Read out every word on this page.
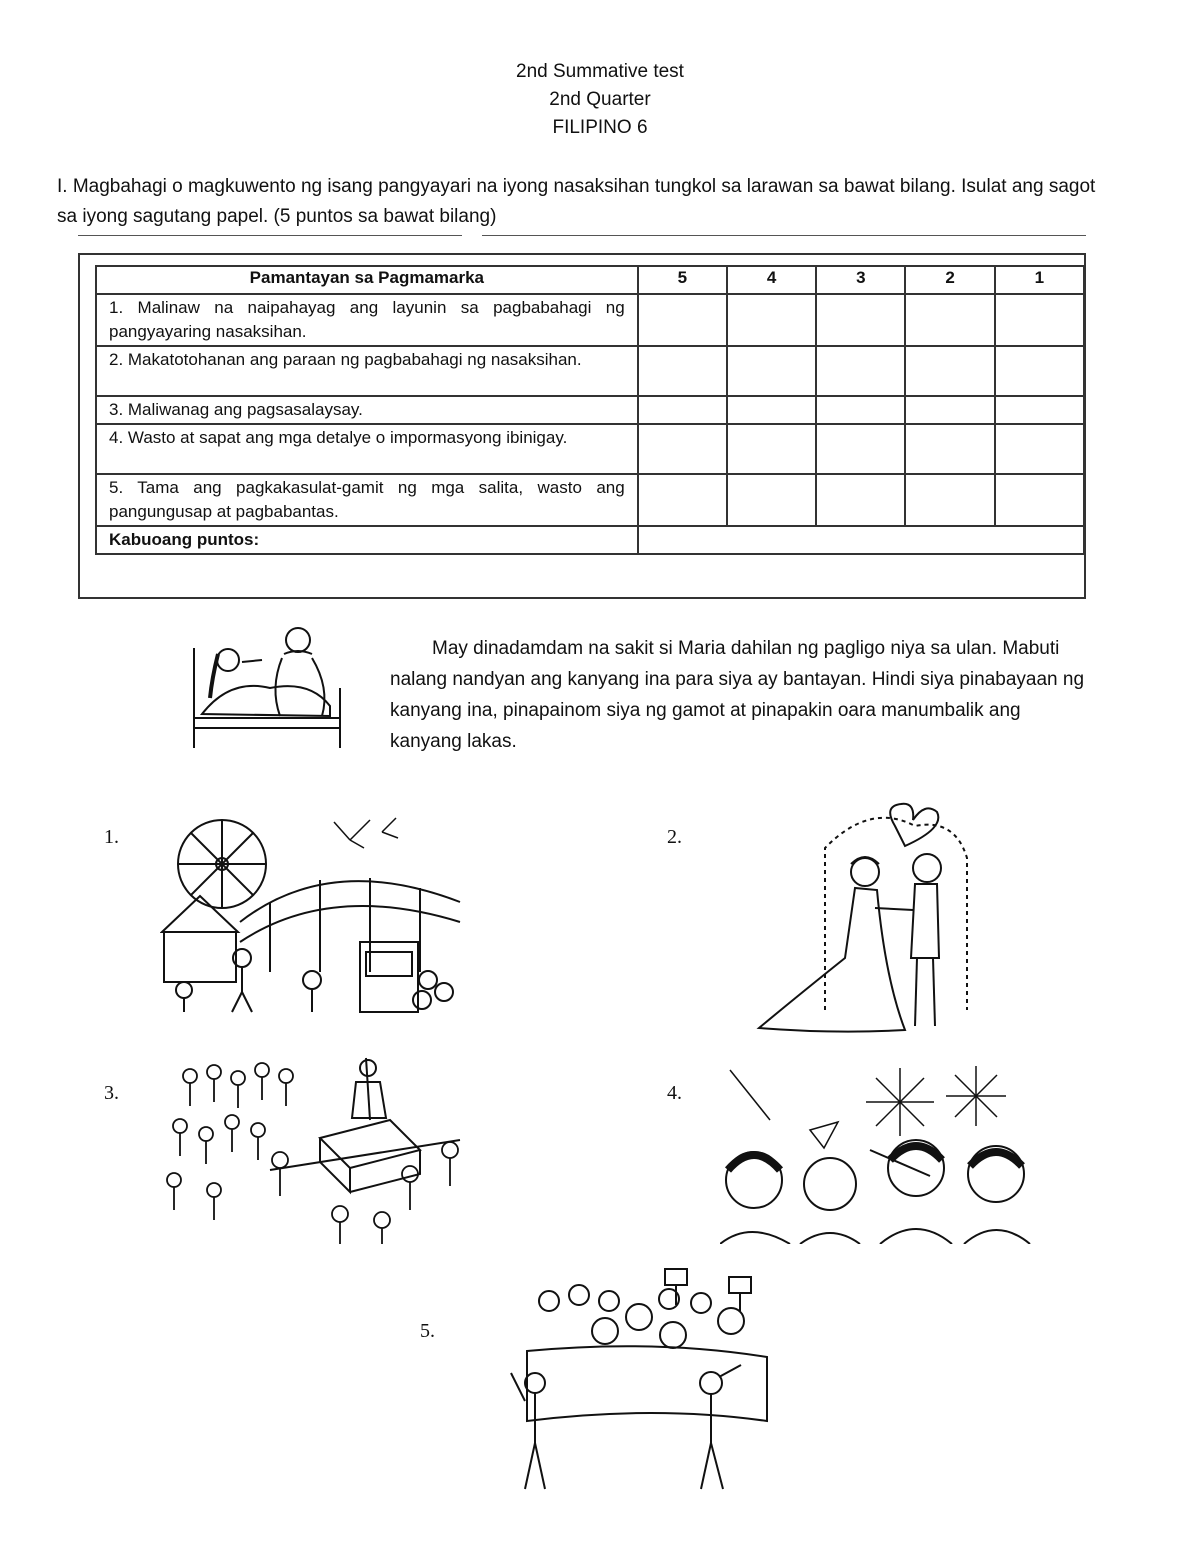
2nd Summative test
2nd Quarter
FILIPINO 6
I. Magbahagi o magkuwento ng isang pangyayari na iyong nasaksihan tungkol sa larawan sa bawat bilang. Isulat ang sagot sa iyong sagutang papel. (5 puntos sa bawat bilang)
Pamantayan sa Pagmamarka	5	4	3	2	1
1. Malinaw na naipahayag ang layunin sa pagbabahagi ng pangyayaring nasaksihan.					
2. Makatotohanan ang paraan ng pagbabahagi ng nasaksihan.					
3. Maliwanag ang pagsasalaysay.					
4. Wasto at sapat ang mga detalye o impormasyong ibinigay.					
5. Tama ang pagkakasulat-gamit ng mga salita, wasto ang pangungusap at pagbabantas.					
Kabuoang puntos:					

May dinadamdam na sakit si Maria dahilan ng pagligo niya sa ulan. Mabuti nalang nandyan ang kanyang ina para siya ay bantayan. Hindi siya pinabayaan ng kanyang ina, pinapainom siya ng gamot at pinapakin oara manumbalik ang kanyang lakas.

1.	2.
3.	4.
5.
